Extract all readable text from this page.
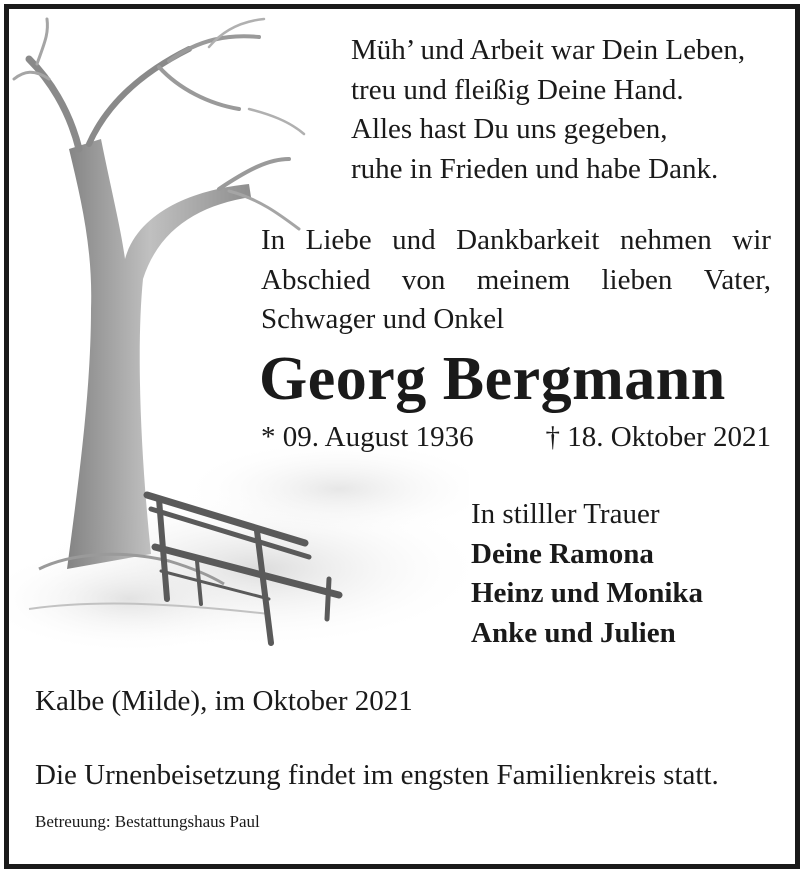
Müh’ und Arbeit war Dein Leben,
treu und fleißig Deine Hand.
Alles hast Du uns gegeben,
ruhe in Frieden und habe Dank.
In Liebe und Dankbarkeit nehmen wir
Abschied von meinem lieben Vater,
Schwager und Onkel
Georg Bergmann
* 09. August 1936 † 18. Oktober 2021
In stilller Trauer
Deine Ramona
Heinz und Monika
Anke und Julien
Kalbe (Milde), im Oktober 2021
Die Urnenbeisetzung findet im engsten Familienkreis statt.
Betreuung: Bestattungshaus Paul
